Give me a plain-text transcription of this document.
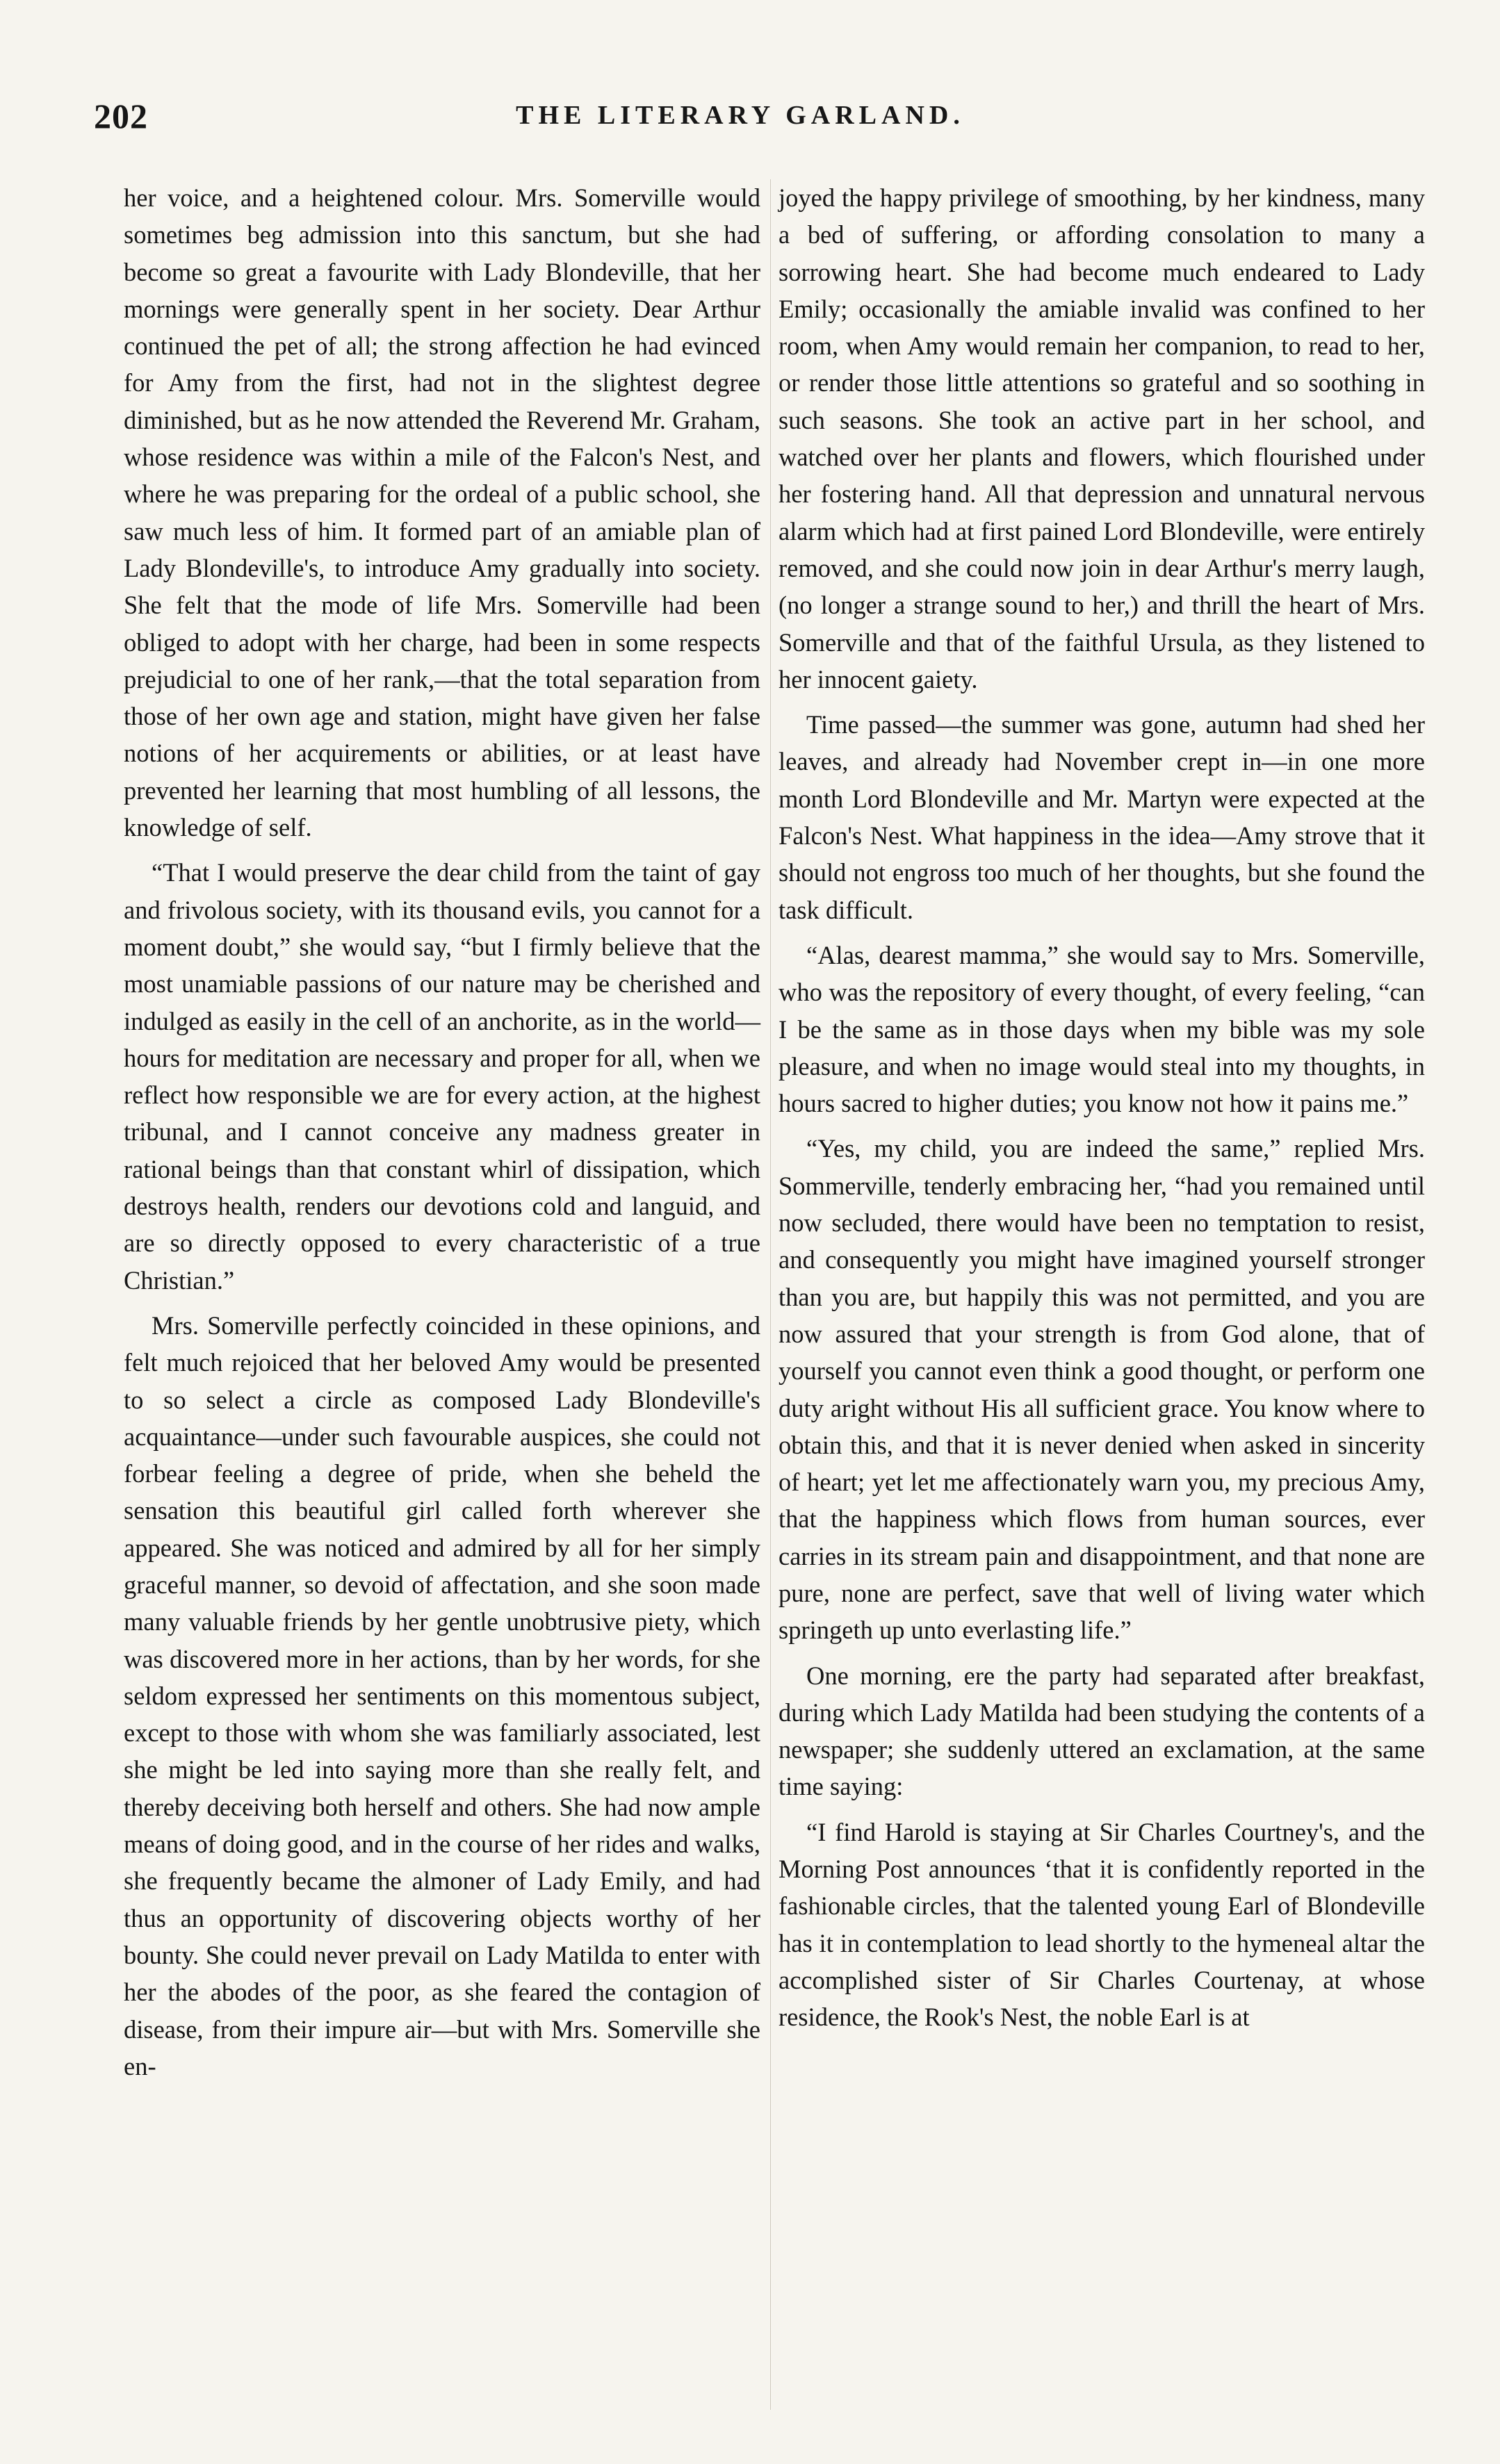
202	THE LITERARY GARLAND.

her voice, and a heightened colour. Mrs. Somerville would sometimes beg admission into this sanctum, but she had become so great a favourite with Lady Blondeville, that her mornings were generally spent in her society. Dear Arthur continued the pet of all; the strong affection he had evinced for Amy from the first, had not in the slightest degree diminished, but as he now attended the Reverend Mr. Graham, whose residence was within a mile of the Falcon's Nest, and where he was preparing for the ordeal of a public school, she saw much less of him. It formed part of an amiable plan of Lady Blondeville's, to introduce Amy gradually into society. She felt that the mode of life Mrs. Somerville had been obliged to adopt with her charge, had been in some respects prejudicial to one of her rank,—that the total separation from those of her own age and station, might have given her false notions of her acquirements or abilities, or at least have prevented her learning that most humbling of all lessons, the knowledge of self.

“That I would preserve the dear child from the taint of gay and frivolous society, with its thousand evils, you cannot for a moment doubt,” she would say, “but I firmly believe that the most unamiable passions of our nature may be cherished and indulged as easily in the cell of an anchorite, as in the world—hours for meditation are necessary and proper for all, when we reflect how responsible we are for every action, at the highest tribunal, and I cannot conceive any madness greater in rational beings than that constant whirl of dissipation, which destroys health, renders our devotions cold and languid, and are so directly opposed to every characteristic of a true Christian.”

Mrs. Somerville perfectly coincided in these opinions, and felt much rejoiced that her beloved Amy would be presented to so select a circle as composed Lady Blondeville's acquaintance—under such favourable auspices, she could not forbear feeling a degree of pride, when she beheld the sensation this beautiful girl called forth wherever she appeared. She was noticed and admired by all for her simply graceful manner, so devoid of affectation, and she soon made many valuable friends by her gentle unobtrusive piety, which was discovered more in her actions, than by her words, for she seldom expressed her sentiments on this momentous subject, except to those with whom she was familiarly associated, lest she might be led into saying more than she really felt, and thereby deceiving both herself and others. She had now ample means of doing good, and in the course of her rides and walks, she frequently became the almoner of Lady Emily, and had thus an opportunity of discovering objects worthy of her bounty. She could never prevail on Lady Matilda to enter with her the abodes of the poor, as she feared the contagion of disease, from their impure air—but with Mrs. Somerville she en-

joyed the happy privilege of smoothing, by her kindness, many a bed of suffering, or affording consolation to many a sorrowing heart. She had become much endeared to Lady Emily; occasionally the amiable invalid was confined to her room, when Amy would remain her companion, to read to her, or render those little attentions so grateful and so soothing in such seasons. She took an active part in her school, and watched over her plants and flowers, which flourished under her fostering hand. All that depression and unnatural nervous alarm which had at first pained Lord Blondeville, were entirely removed, and she could now join in dear Arthur's merry laugh, (no longer a strange sound to her,) and thrill the heart of Mrs. Somerville and that of the faithful Ursula, as they listened to her innocent gaiety.

Time passed—the summer was gone, autumn had shed her leaves, and already had November crept in—in one more month Lord Blondeville and Mr. Martyn were expected at the Falcon's Nest. What happiness in the idea—Amy strove that it should not engross too much of her thoughts, but she found the task difficult.

“Alas, dearest mamma,” she would say to Mrs. Somerville, who was the repository of every thought, of every feeling, “can I be the same as in those days when my bible was my sole pleasure, and when no image would steal into my thoughts, in hours sacred to higher duties; you know not how it pains me.”

“Yes, my child, you are indeed the same,” replied Mrs. Sommerville, tenderly embracing her, “had you remained until now secluded, there would have been no temptation to resist, and consequently you might have imagined yourself stronger than you are, but happily this was not permitted, and you are now assured that your strength is from God alone, that of yourself you cannot even think a good thought, or perform one duty aright without His all sufficient grace. You know where to obtain this, and that it is never denied when asked in sincerity of heart; yet let me affectionately warn you, my precious Amy, that the happiness which flows from human sources, ever carries in its stream pain and disappointment, and that none are pure, none are perfect, save that well of living water which springeth up unto everlasting life.”

One morning, ere the party had separated after breakfast, during which Lady Matilda had been studying the contents of a newspaper; she suddenly uttered an exclamation, at the same time saying:

“I find Harold is staying at Sir Charles Courtney's, and the Morning Post announces ‘that it is confidently reported in the fashionable circles, that the talented young Earl of Blondeville has it in contemplation to lead shortly to the hymeneal altar the accomplished sister of Sir Charles Courtenay, at whose residence, the Rook's Nest, the noble Earl is at
